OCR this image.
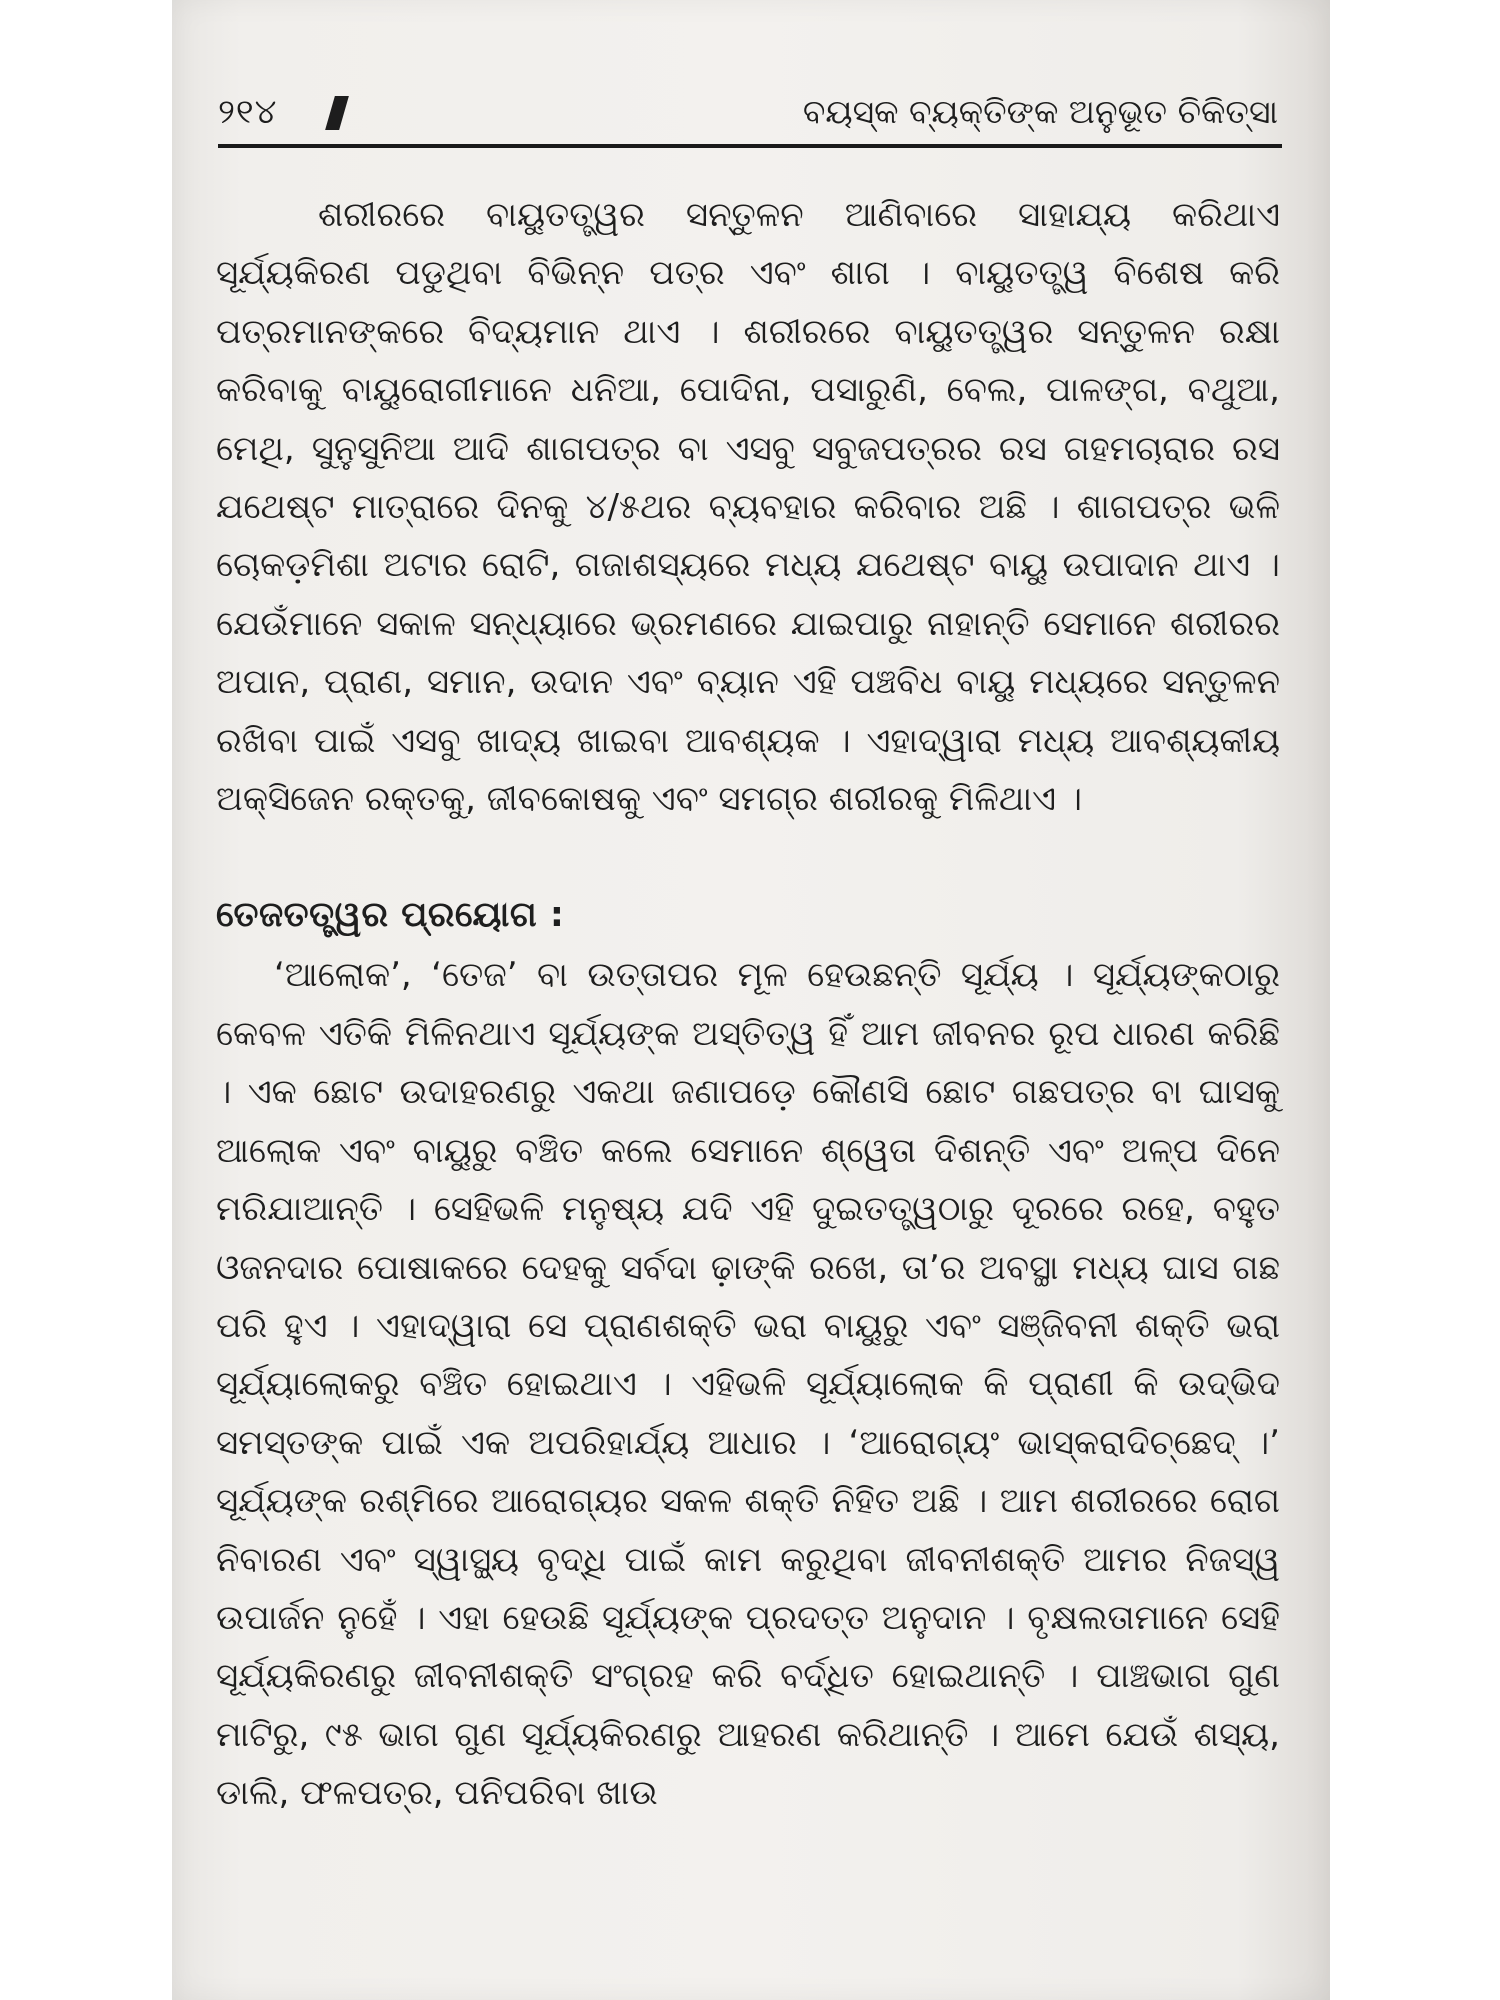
୨୧୪	ବୟସ୍କ ବ୍ୟକ୍ତିଙ୍କ ଅନୁଭୂତ ଚିକିତ୍ସା

ଶରୀରରେ ବାୟୁତତ୍ତ୍ୱର ସନ୍ତୁଳନ ଆଣିବାରେ ସାହାଯ୍ୟ କରିଥାଏ ସୂର୍ଯ୍ୟକିରଣ ପଡୁଥିବା ବିଭିନ୍ନ ପତ୍ର ଏବଂ ଶାଗ । ବାୟୁତତ୍ତ୍ୱ ବିଶେଷ କରି ପତ୍ରମାନଙ୍କରେ ବିଦ୍ୟମାନ ଥାଏ । ଶରୀରରେ ବାୟୁତତ୍ତ୍ୱର ସନ୍ତୁଳନ ରକ୍ଷା କରିବାକୁ ବାୟୁରୋଗୀମାନେ ଧନିଆ, ପୋଦିନା, ପସାରୁଣି, ବେଲ, ପାଳଙ୍ଗ, ବଥୁଆ, ମେଥି, ସୁନୁସୁନିଆ ଆଦି ଶାଗପତ୍ର ବା ଏସବୁ ସବୁଜପତ୍ରର ରସ ଗହମଚାରାର ରସ ଯଥେଷ୍ଟ ମାତ୍ରାରେ ଦିନକୁ ୪/୫ଥର ବ୍ୟବହାର କରିବାର ଅଛି । ଶାଗପତ୍ର ଭଳି ଚୋକଡ଼ମିଶା ଅଟାର ରୋଟି, ଗଜାଶସ୍ୟରେ ମଧ୍ୟ ଯଥେଷ୍ଟ ବାୟୁ ଉପାଦାନ ଥାଏ । ଯେଉଁମାନେ ସକାଳ ସନ୍ଧ୍ୟାରେ ଭ୍ରମଣରେ ଯାଇପାରୁ ନାହାନ୍ତି ସେମାନେ ଶରୀରର ଅପାନ, ପ୍ରାଣ, ସମାନ, ଉଦାନ ଏବଂ ବ୍ୟାନ ଏହି ପଞ୍ଚବିଧ ବାୟୁ ମଧ୍ୟରେ ସନ୍ତୁଳନ ରଖିବା ପାଇଁ ଏସବୁ ଖାଦ୍ୟ ଖାଇବା ଆବଶ୍ୟକ । ଏହାଦ୍ୱାରା ମଧ୍ୟ ଆବଶ୍ୟକୀୟ ଅକ୍ସିଜେନ ରକ୍ତକୁ, ଜୀବକୋଷକୁ ଏବଂ ସମଗ୍ର ଶରୀରକୁ ମିଳିଥାଏ ।

ତେଜତତ୍ତ୍ୱର ପ୍ରୟୋଗ :

‘ଆଲୋକ’, ‘ତେଜ’ ବା ଉତ୍ତାପର ମୂଳ ହେଉଛନ୍ତି ସୂର୍ଯ୍ୟ । ସୂର୍ଯ୍ୟଙ୍କଠାରୁ କେବଳ ଏତିକି ମିଳିନଥାଏ ସୂର୍ଯ୍ୟଙ୍କ ଅସ୍ତିତ୍ୱ ହିଁ ଆମ ଜୀବନର ରୂପ ଧାରଣ କରିଛି । ଏକ ଛୋଟ ଉଦାହରଣରୁ ଏକଥା ଜଣାପଡ଼େ କୌଣସି ଛୋଟ ଗଛପତ୍ର ବା ଘାସକୁ ଆଲୋକ ଏବଂ ବାୟୁରୁ ବଞ୍ଚିତ କଲେ ସେମାନେ ଶ୍ୱେତା ଦିଶନ୍ତି ଏବଂ ଅଳ୍ପ ଦିନେ ମରିଯାଆନ୍ତି । ସେହିଭଳି ମନୁଷ୍ୟ ଯଦି ଏହି ଦୁଇତତ୍ତ୍ୱଠାରୁ ଦୂରରେ ରହେ, ବହୁତ ଓଜନଦାର ପୋଷାକରେ ଦେହକୁ ସର୍ବଦା ଢ଼ାଙ୍କି ରଖେ, ତା’ର ଅବସ୍ଥା ମଧ୍ୟ ଘାସ ଗଛ ପରି ହୁଏ । ଏହାଦ୍ୱାରା ସେ ପ୍ରାଣଶକ୍ତି ଭରା ବାୟୁରୁ ଏବଂ ସଞ୍ଜିବନୀ ଶକ୍ତି ଭରା ସୂର୍ଯ୍ୟାଲୋକରୁ ବଞ୍ଚିତ ହୋଇଥାଏ । ଏହିଭଳି ସୂର୍ଯ୍ୟାଲୋକ କି ପ୍ରାଣୀ କି ଉଦ୍ଭିଦ ସମସ୍ତଙ୍କ ପାଇଁ ଏକ ଅପରିହାର୍ଯ୍ୟ ଆଧାର । ‘ଆରୋଗ୍ୟଂ ଭାସ୍କରାଦିଚ୍ଛେଦ୍ ।’ ସୂର୍ଯ୍ୟଙ୍କ ରଶ୍ମିରେ ଆରୋଗ୍ୟର ସକଳ ଶକ୍ତି ନିହିତ ଅଛି । ଆମ ଶରୀରରେ ରୋଗ ନିବାରଣ ଏବଂ ସ୍ୱାସ୍ଥ୍ୟ ବୃଦ୍ଧି ପାଇଁ କାମ କରୁଥିବା ଜୀବନୀଶକ୍ତି ଆମର ନିଜସ୍ୱ ଉପାର୍ଜନ ନୁହେଁ । ଏହା ହେଉଛି ସୂର୍ଯ୍ୟଙ୍କ ପ୍ରଦତ୍ତ ଅନୁଦାନ । ବୃକ୍ଷଲତାମାନେ ସେହି ସୂର୍ଯ୍ୟକିରଣରୁ ଜୀବନୀଶକ୍ତି ସଂଗ୍ରହ କରି ବର୍ଦ୍ଧିତ ହୋଇଥାନ୍ତି । ପାଞ୍ଚଭାଗ ଗୁଣ ମାଟିରୁ, ୯୫ ଭାଗ ଗୁଣ ସୂର୍ଯ୍ୟକିରଣରୁ ଆହରଣ କରିଥାନ୍ତି । ଆମେ ଯେଉଁ ଶସ୍ୟ, ଡାଲି, ଫଳପତ୍ର, ପନିପରିବା ଖାଉ
